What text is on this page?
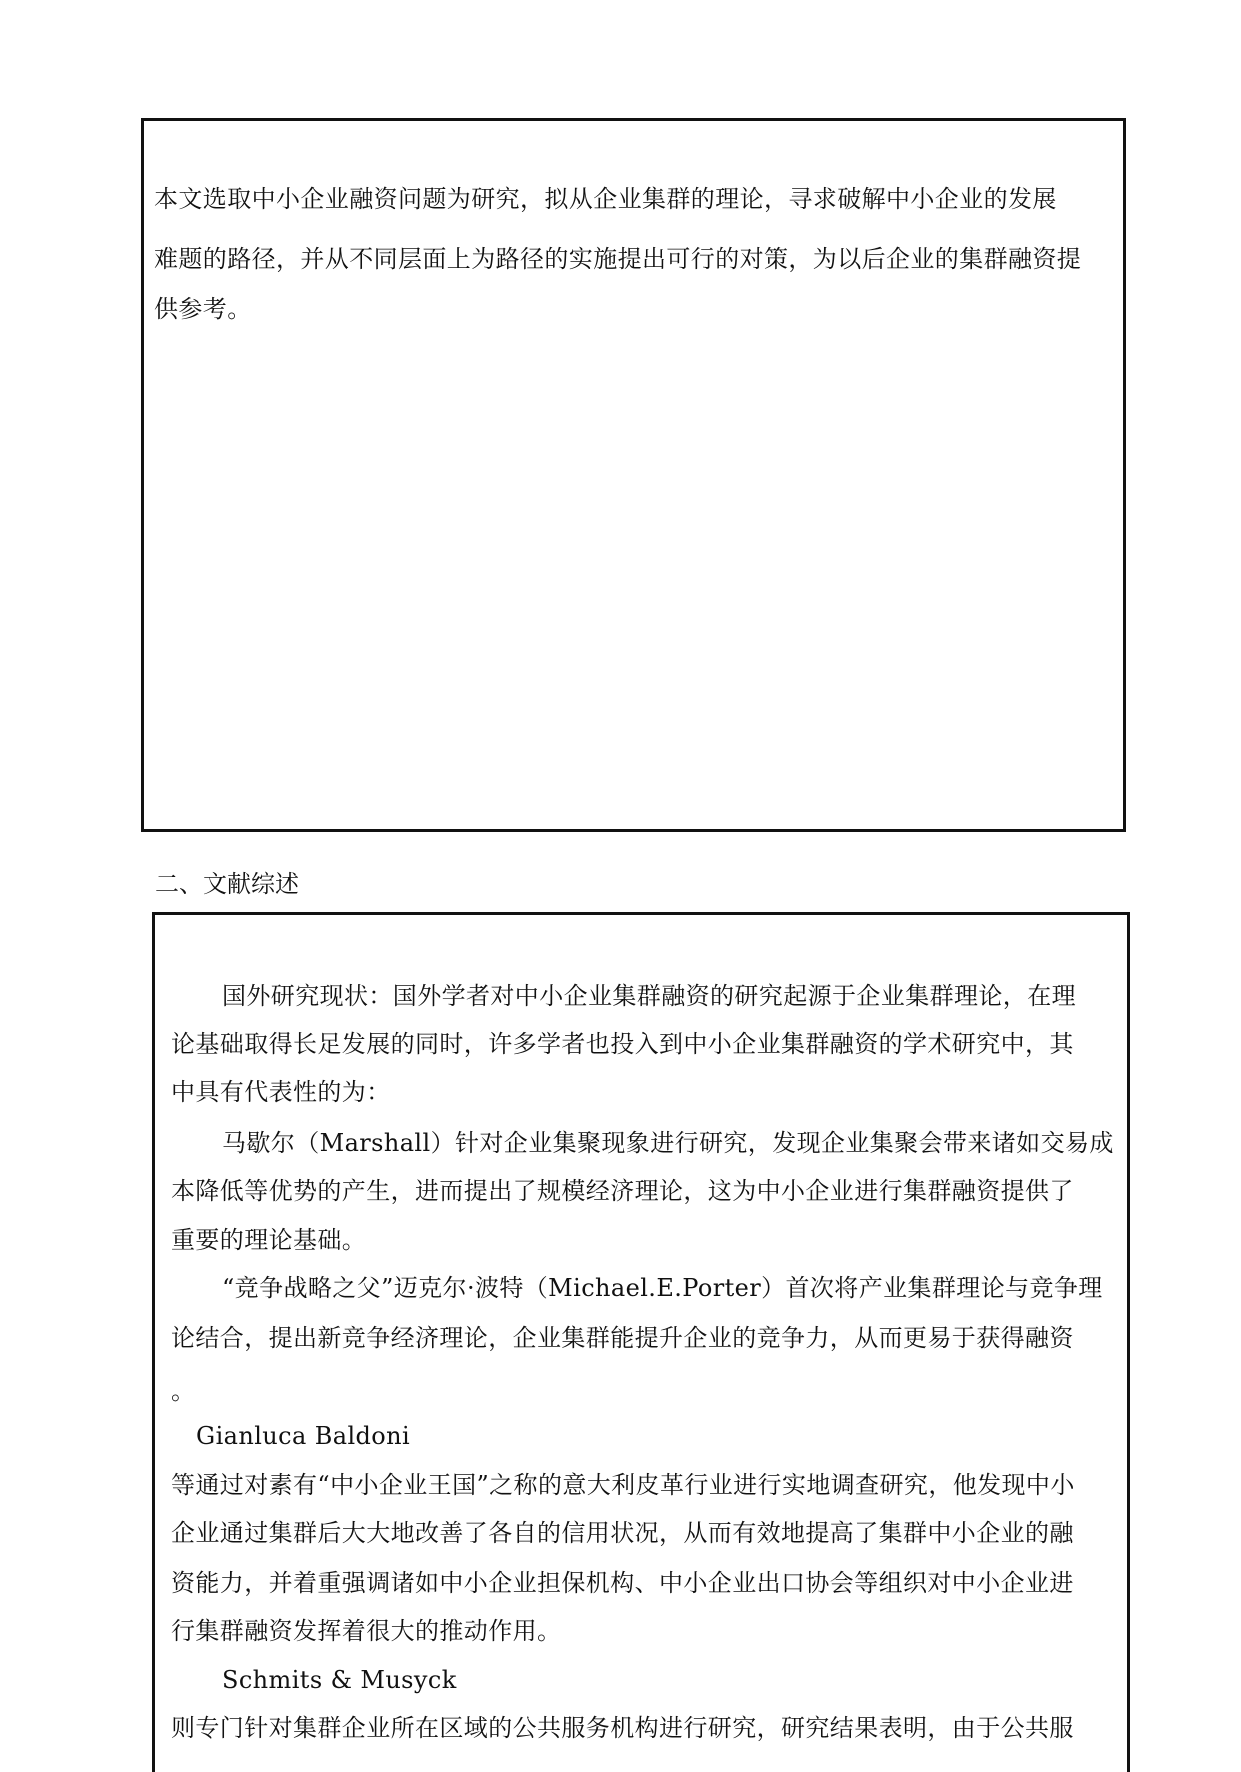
本文选取中小企业融资问题为研究，拟从企业集群的理论，寻求破解中小企业的发展
难题的路径，并从不同层面上为路径的实施提出可行的对策，为以后企业的集群融资提
供参考。
二、文献综述
国外研究现状：国外学者对中小企业集群融资的研究起源于企业集群理论，在理
论基础取得长足发展的同时，许多学者也投入到中小企业集群融资的学术研究中，其
中具有代表性的为：
马歇尔（Marshall）针对企业集聚现象进行研究，发现企业集聚会带来诸如交易成
本降低等优势的产生，进而提出了规模经济理论，这为中小企业进行集群融资提供了
重要的理论基础。
“竞争战略之父”迈克尔·波特（Michael.E.Porter）首次将产业集群理论与竞争理
论结合，提出新竞争经济理论，企业集群能提升企业的竞争力，从而更易于获得融资
。
Gianluca Baldoni
等通过对素有“中小企业王国”之称的意大利皮革行业进行实地调查研究，他发现中小
企业通过集群后大大地改善了各自的信用状况，从而有效地提高了集群中小企业的融
资能力，并着重强调诸如中小企业担保机构、中小企业出口协会等组织对中小企业进
行集群融资发挥着很大的推动作用。
Schmits & Musyck
则专门针对集群企业所在区域的公共服务机构进行研究，研究结果表明，由于公共服
